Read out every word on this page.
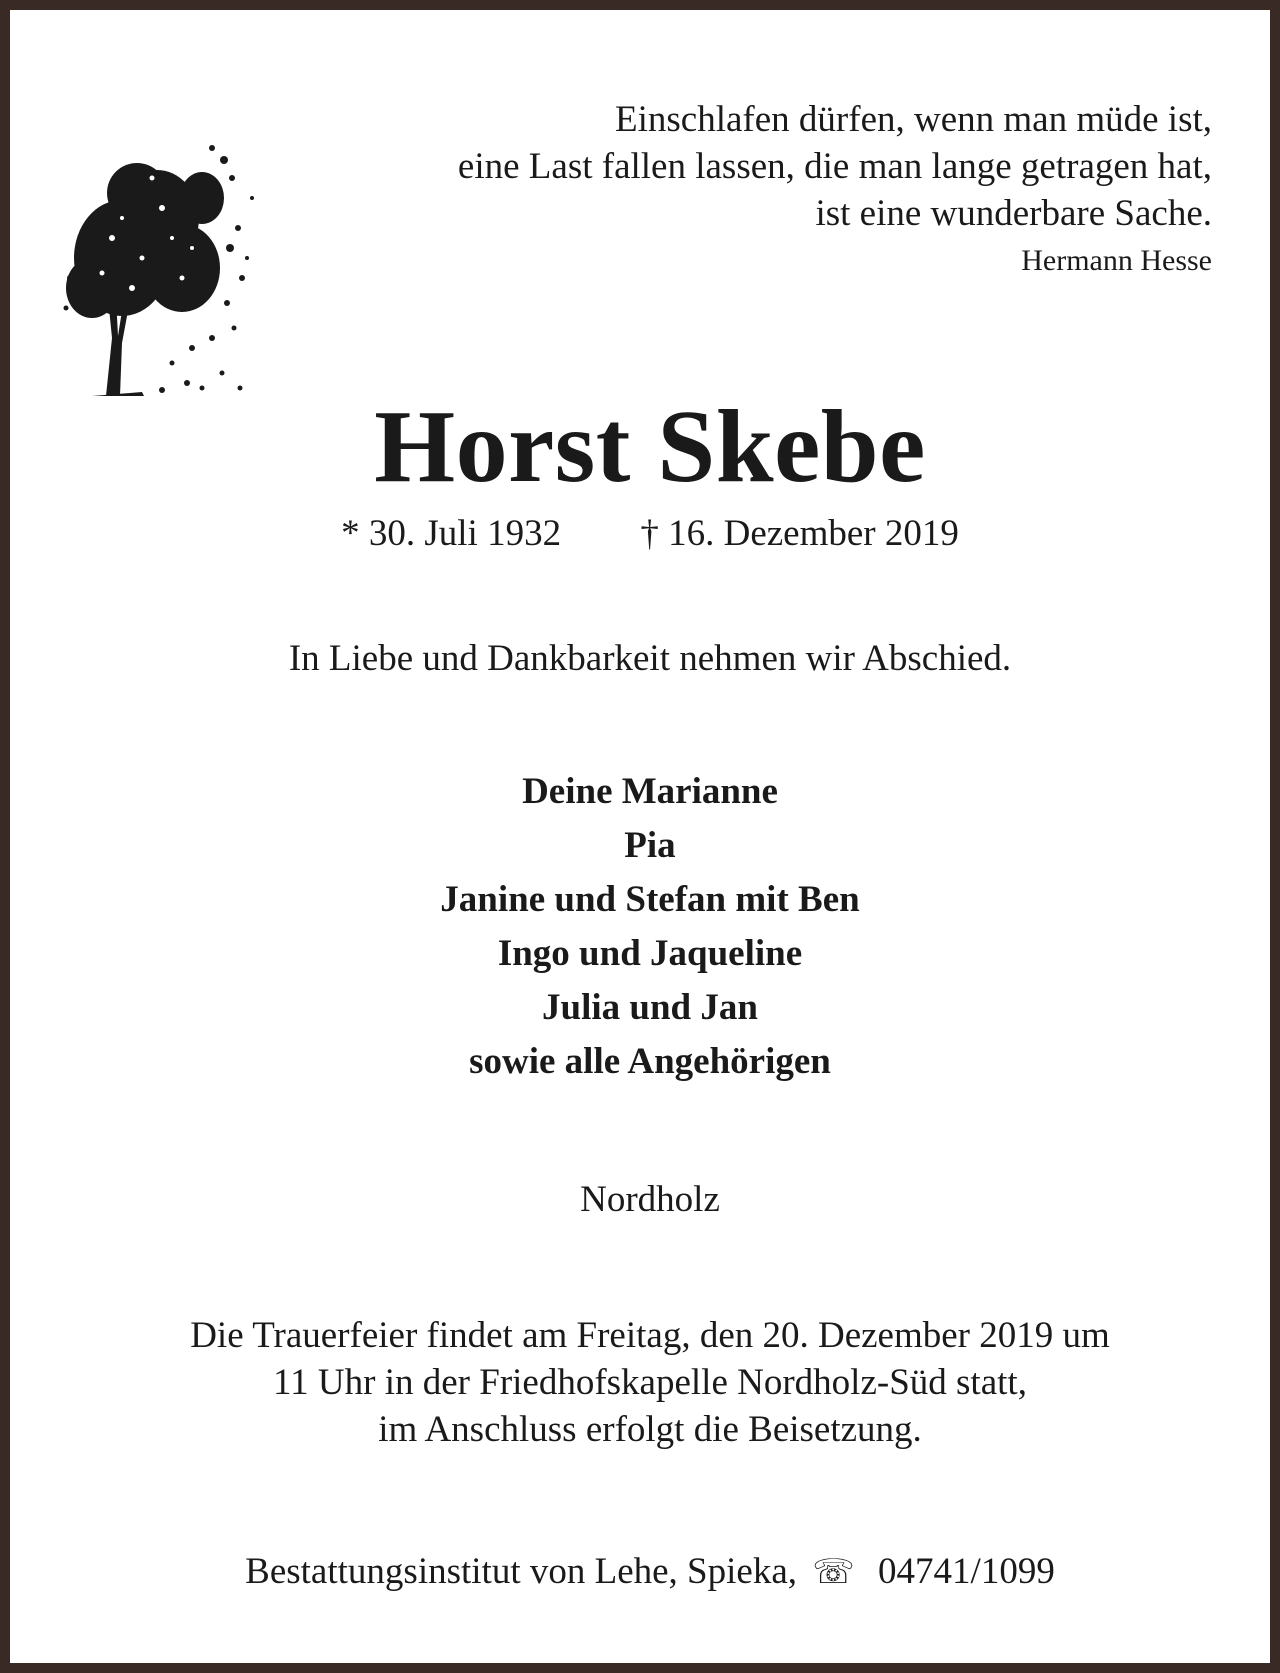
Einschlafen dürfen, wenn man müde ist,
eine Last fallen lassen, die man lange getragen hat,
ist eine wunderbare Sache.
Hermann Hesse
Horst Skebe
* 30. Juli 1932 † 16. Dezember 2019
In Liebe und Dankbarkeit nehmen wir Abschied.
Deine Marianne
Pia
Janine und Stefan mit Ben
Ingo und Jaqueline
Julia und Jan
sowie alle Angehörigen
Nordholz
Die Trauerfeier findet am Freitag, den 20. Dezember 2019 um
11 Uhr in der Friedhofskapelle Nordholz-Süd statt,
im Anschluss erfolgt die Beisetzung.
Bestattungsinstitut von Lehe, Spieka, ☏ 04741/1099
